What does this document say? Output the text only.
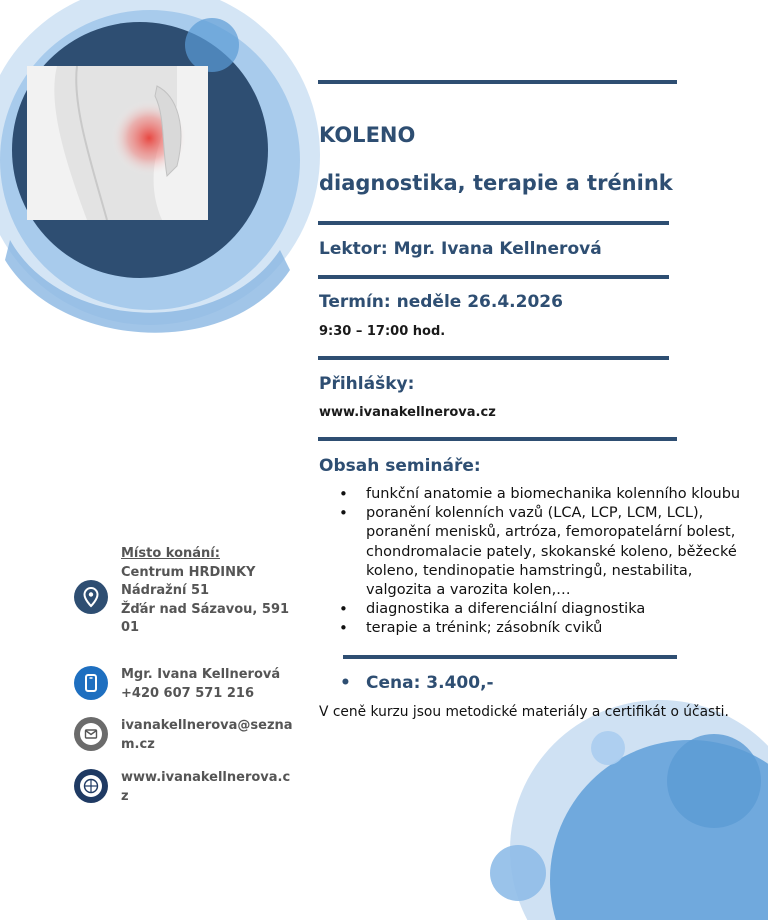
KOLENO
diagnostika, terapie a trénink
Lektor: Mgr. Ivana Kellnerová
Termín: neděle 26.4.2026
9:30 – 17:00 hod.
Přihlášky:
www.ivanakellnerova.cz
Obsah semináře:
• funkční anatomie a biomechanika kolenního kloubu
• poranění kolenních vazů (LCA, LCP, LCM, LCL), poranění menisků, artróza, femoropatelární bolest, chondromalacie pately, skokanské koleno, běžecké koleno, tendinopatie hamstringů, nestabilita, valgozita a varozita kolen,…
• diagnostika a diferenciální diagnostika
• terapie a trénink; zásobník cviků
• Cena: 3.400,-
V ceně kurzu jsou metodické materiály a certifikát o účasti.
Místo konání:
Centrum HRDINKY
Nádražní 51
Žďár nad Sázavou, 591
01
Mgr. Ivana Kellnerová
+420 607 571 216
ivanakellnerova@sezna
m.cz
www.ivanakellnerova.c
z
